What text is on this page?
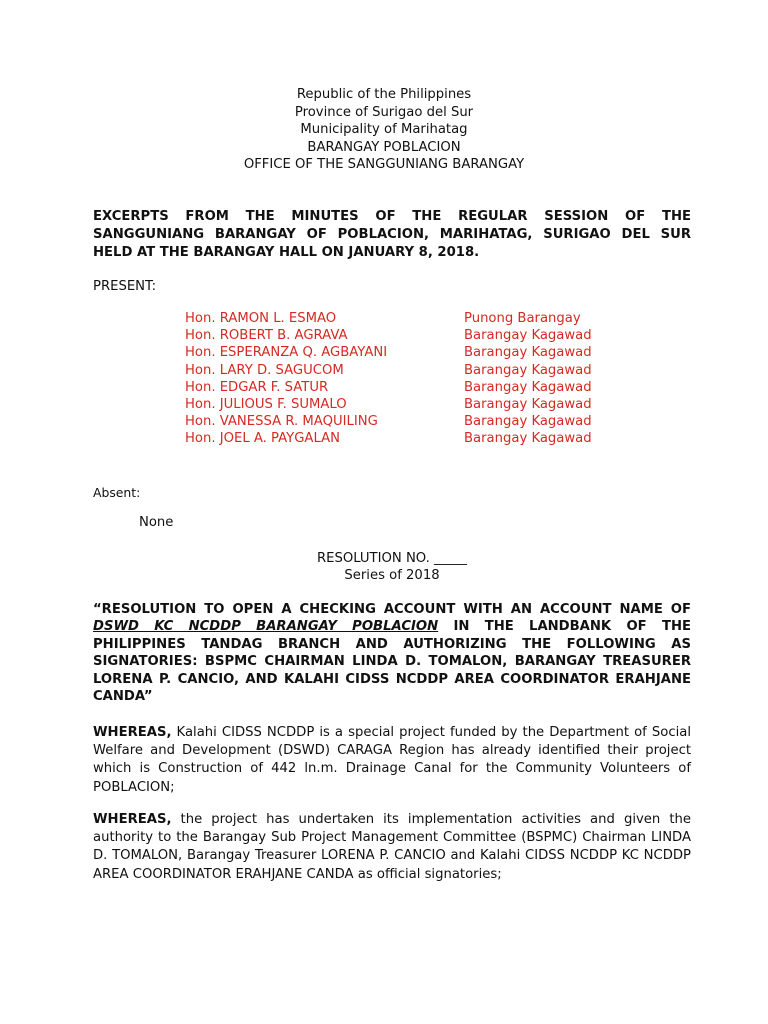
Republic of the Philippines
Province of Surigao del Sur
Municipality of Marihatag
BARANGAY POBLACION
OFFICE OF THE SANGGUNIANG BARANGAY
EXCERPTS FROM THE MINUTES OF THE REGULAR SESSION OF THE SANGGUNIANG BARANGAY OF POBLACION, MARIHATAG, SURIGAO DEL SUR HELD AT THE BARANGAY HALL ON JANUARY 8, 2018.
PRESENT:
Hon. RAMON L. ESMAO	Punong Barangay
Hon. ROBERT B. AGRAVA	Barangay Kagawad
Hon. ESPERANZA Q. AGBAYANI	Barangay Kagawad
Hon. LARY D. SAGUCOM	Barangay Kagawad
Hon. EDGAR F. SATUR	Barangay Kagawad
Hon. JULIOUS F. SUMALO	Barangay Kagawad
Hon. VANESSA R. MAQUILING	Barangay Kagawad
Hon. JOEL A. PAYGALAN	Barangay Kagawad
Absent:
None
RESOLUTION NO. _____
Series of 2018
“RESOLUTION TO OPEN A CHECKING ACCOUNT WITH AN ACCOUNT NAME OF DSWD KC NCDDP BARANGAY POBLACION IN THE LANDBANK OF THE PHILIPPINES TANDAG BRANCH AND AUTHORIZING THE FOLLOWING AS SIGNATORIES: BSPMC CHAIRMAN LINDA D. TOMALON, BARANGAY TREASURER LORENA P. CANCIO, AND KALAHI CIDSS NCDDP AREA COORDINATOR ERAHJANE CANDA”
WHEREAS, Kalahi CIDSS NCDDP is a special project funded by the Department of Social Welfare and Development (DSWD) CARAGA Region has already identified their project which is Construction of 442 ln.m. Drainage Canal for the Community Volunteers of POBLACION;
WHEREAS, the project has undertaken its implementation activities and given the authority to the Barangay Sub Project Management Committee (BSPMC) Chairman LINDA D. TOMALON, Barangay Treasurer LORENA P. CANCIO and Kalahi CIDSS NCDDP KC NCDDP AREA COORDINATOR ERAHJANE CANDA as official signatories;
